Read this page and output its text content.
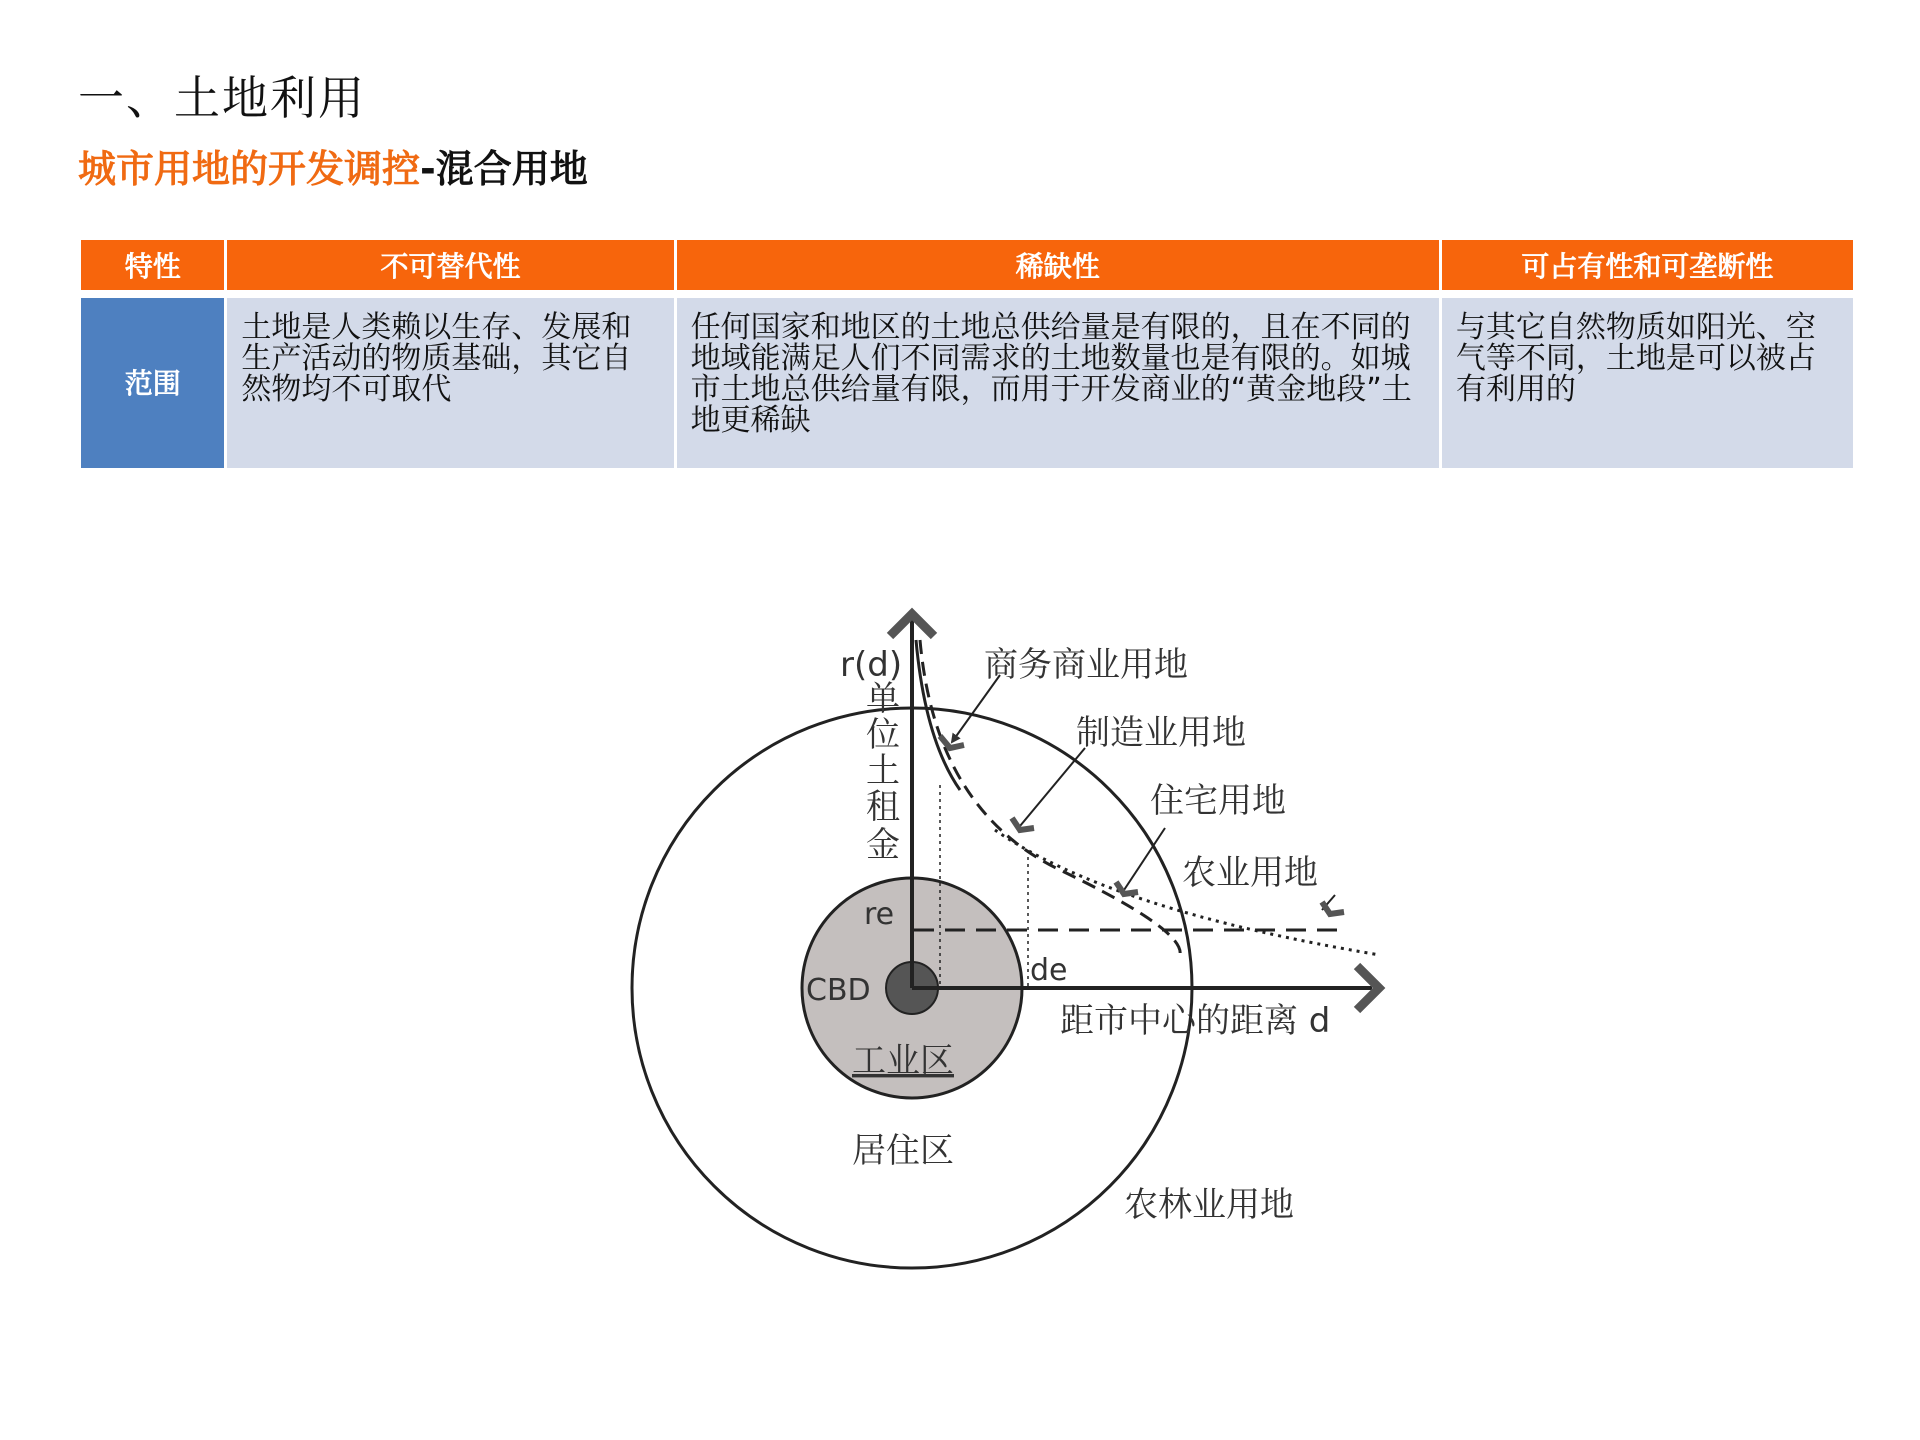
一、土地利用
城市用地的开发调控-混合用地
特性	不可替代性	稀缺性	可占有性和可垄断性
范围	土地是人类赖以生存、发展和生产活动的物质基础，其它自然物均不可取代	任何国家和地区的土地总供给量是有限的，且在不同的地域能满足人们不同需求的土地数量也是有限的。如城市土地总供给量有限，而用于开发商业的“黄金地段”土地更稀缺	与其它自然物质如阳光、空气等不同，土地是可以被占有利用的
r(d)
单
位
土
租
金
商务商业用地
制造业用地
住宅用地
农业用地
re
de
CBD
距市中心的距离 d
工业区
居住区
农林业用地
